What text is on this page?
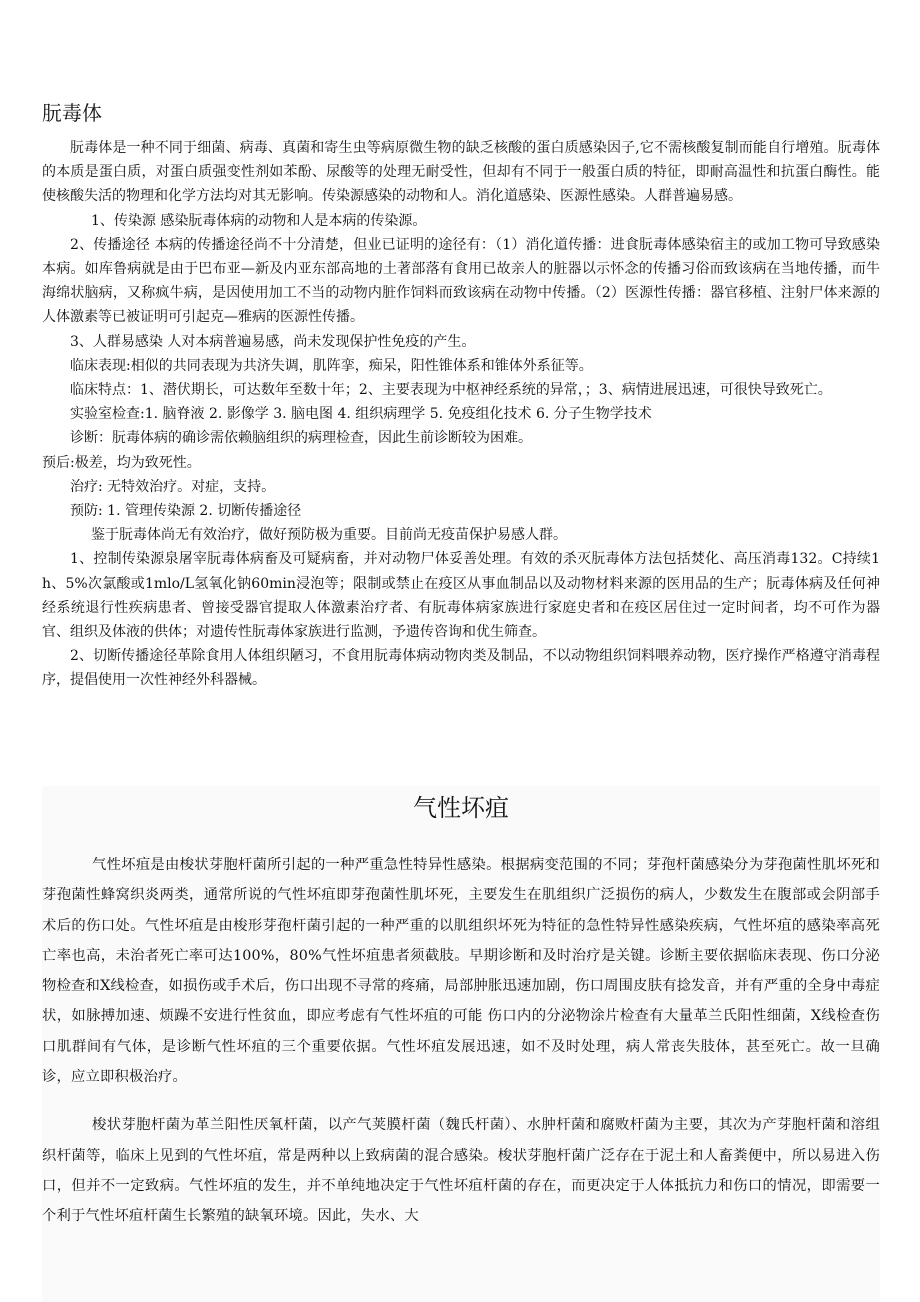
朊毒体

朊毒体是一种不同于细菌、病毒、真菌和寄生虫等病原微生物的缺乏核酸的蛋白质感染因子,它不需核酸复制而能自行增殖。朊毒体的本质是蛋白质，对蛋白质强变性剂如苯酚、尿酸等的处理无耐受性，但却有不同于一般蛋白质的特征，即耐高温性和抗蛋白酶性。能使核酸失活的物理和化学方法均对其无影响。传染源感染的动物和人。消化道感染、医源性感染。人群普遍易感。

1、传染源 感染朊毒体病的动物和人是本病的传染源。

2、传播途径 本病的传播途径尚不十分清楚，但业已证明的途径有：（1）消化道传播：进食朊毒体感染宿主的或加工物可导致感染本病。如库鲁病就是由于巴布亚—新及内亚东部高地的土著部落有食用已故亲人的脏器以示怀念的传播习俗而致该病在当地传播，而牛海绵状脑病，又称疯牛病，是因使用加工不当的动物内脏作饲料而致该病在动物中传播。（2）医源性传播：器官移植、注射尸体来源的人体激素等已被证明可引起克—雅病的医源性传播。

3、人群易感染 人对本病普遍易感，尚未发现保护性免疫的产生。

临床表现:相似的共同表现为共济失调，肌阵挛，痴呆，阳性锥体系和锥体外系征等。

临床特点：1、潜伏期长，可达数年至数十年；2、主要表现为中枢神经系统的异常，；3、病情进展迅速，可很快导致死亡。

实验室检查:1. 脑脊液 2. 影像学 3. 脑电图 4. 组织病理学 5. 免疫组化技术 6. 分子生物学技术

诊断：朊毒体病的确诊需依赖脑组织的病理检查，因此生前诊断较为困难。

预后:极差，均为致死性。

治疗: 无特效治疗。对症，支持。

预防: 1. 管理传染源 2. 切断传播途径

鉴于朊毒体尚无有效治疗，做好预防极为重要。目前尚无疫苗保护易感人群。

1、控制传染源泉屠宰朊毒体病畜及可疑病畜，并对动物尸体妥善处理。有效的杀灭朊毒体方法包括焚化、高压消毒132。C持续1h、5%次氯酸或1mlo/L氢氧化钠60min浸泡等；限制或禁止在疫区从事血制品以及动物材料来源的医用品的生产；朊毒体病及任何神经系统退行性疾病患者、曾接受器官提取人体激素治疗者、有朊毒体病家族进行家庭史者和在疫区居住过一定时间者，均不可作为器官、组织及体液的供体；对遗传性朊毒体家族进行监测，予遗传咨询和优生筛查。

2、切断传播途径革除食用人体组织陋习，不食用朊毒体病动物肉类及制品，不以动物组织饲料喂养动物，医疗操作严格遵守消毒程序，提倡使用一次性神经外科器械。

气性坏疽

气性坏疽是由梭状芽胞杆菌所引起的一种严重急性特异性感染。根据病变范围的不同；芽孢杆菌感染分为芽孢菌性肌坏死和芽孢菌性蜂窝织炎两类，通常所说的气性坏疽即芽孢菌性肌坏死，主要发生在肌组织广泛损伤的病人，少数发生在腹部或会阴部手术后的伤口处。气性坏疽是由梭形芽孢杆菌引起的一种严重的以肌组织坏死为特征的急性特异性感染疾病，气性坏疽的感染率高死亡率也高，未治者死亡率可达100%，80%气性坏疽患者须截肢。早期诊断和及时治疗是关键。诊断主要依据临床表现、伤口分泌物检查和X线检查，如损伤或手术后，伤口出现不寻常的疼痛，局部肿胀迅速加剧，伤口周围皮肤有捻发音，并有严重的全身中毒症状，如脉搏加速、烦躁不安进行性贫血，即应考虑有气性坏疽的可能 伤口内的分泌物涂片检查有大量革兰氏阳性细菌，X线检查伤口肌群间有气体，是诊断气性坏疽的三个重要依据。气性坏疽发展迅速，如不及时处理，病人常丧失肢体，甚至死亡。故一旦确诊，应立即积极治疗。

梭状芽胞杆菌为革兰阳性厌氧杆菌，以产气荚膜杆菌（魏氏杆菌）、水肿杆菌和腐败杆菌为主要，其次为产芽胞杆菌和溶组织杆菌等，临床上见到的气性坏疽，常是两种以上致病菌的混合感染。梭状芽胞杆菌广泛存在于泥土和人畜粪便中，所以易进入伤口，但并不一定致病。气性坏疽的发生，并不单纯地决定于气性坏疽杆菌的存在，而更决定于人体抵抗力和伤口的情况，即需要一个利于气性坏疽杆菌生长繁殖的缺氧环境。因此，失水、大
